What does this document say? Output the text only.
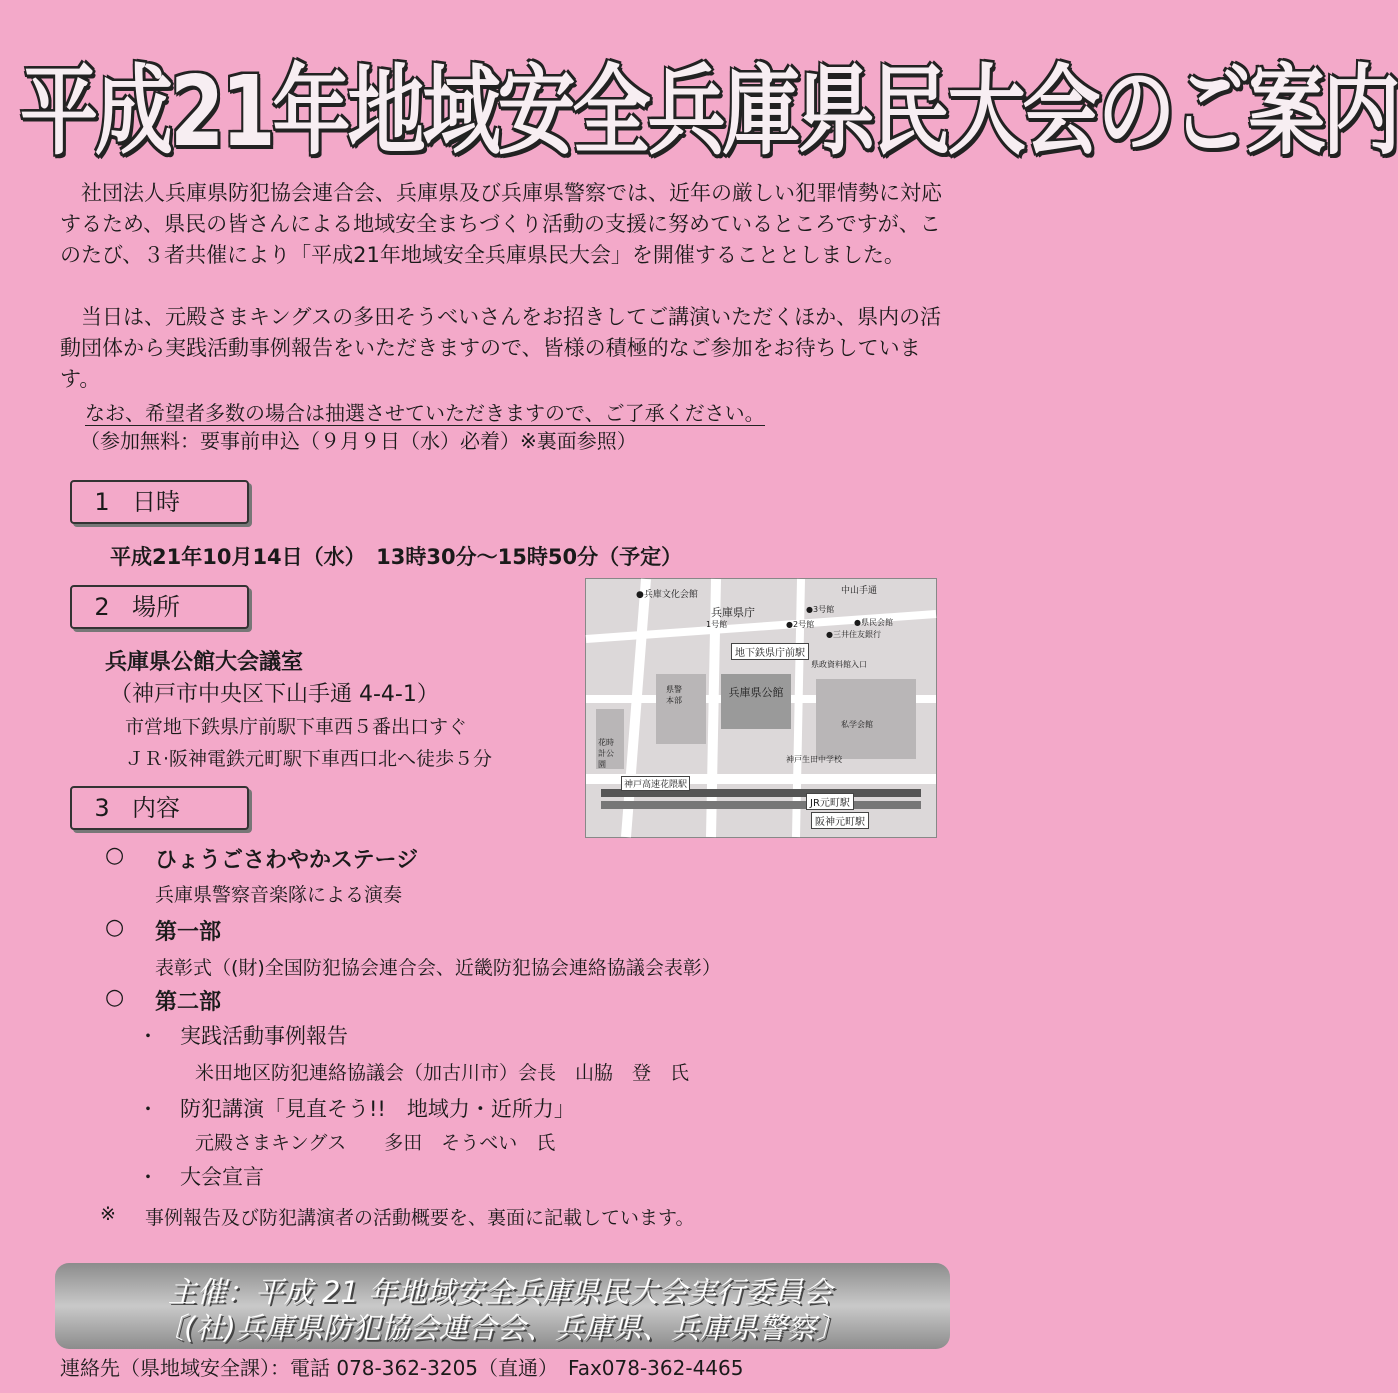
平成21年地域安全兵庫県民大会のご案内
社団法人兵庫県防犯協会連合会、兵庫県及び兵庫県警察では、近年の厳しい犯罪情勢に対応するため、県民の皆さんによる地域安全まちづくり活動の支援に努めているところですが、このたび、３者共催により「平成21年地域安全兵庫県民大会」を開催することとしました。
当日は、元殿さまキングスの多田そうべいさんをお招きしてご講演いただくほか、県内の活動団体から実践活動事例報告をいただきますので、皆様の積極的なご参加をお待ちしています。
なお、希望者多数の場合は抽選させていただきますので、ご了承ください。
（参加無料：要事前申込（９月９日（水）必着）※裏面参照）
1 日時
平成21年10月14日（水）　13時30分～15時50分（予定）
2 場所
兵庫県公館大会議室
（神戸市中央区下山手通 4-4-1）
市営地下鉄県庁前駅下車西５番出口すぐ
ＪＲ·阪神電鉄元町駅下車西口北へ徒歩５分
●兵庫文化会館	中山手通
兵庫県庁
1号館	●2号館
●3号館
●県民会館
●三井住友銀行
地下鉄県庁前駅
県政資料館入口
県警本部
兵庫県公館
私学会館
神戸生田中学校
花時計公園
神戸高速花隈駅
JR元町駅
阪神元町駅
3 内容
○ ひょうごさわやかステージ
兵庫県警察音楽隊による演奏
○ 第一部
表彰式（(財)全国防犯協会連合会、近畿防犯協会連絡協議会表彰）
○ 第二部
・ 実践活動事例報告
米田地区防犯連絡協議会（加古川市）会長　山脇　登　氏
・ 防犯講演「見直そう!!　地域力・近所力」
元殿さまキングス　　多田　そうべい　氏
・ 大会宣言
※ 事例報告及び防犯講演者の活動概要を、裏面に記載しています。
主催：平成 21 年地域安全兵庫県民大会実行委員会
〔(社)兵庫県防犯協会連合会、兵庫県、兵庫県警察〕
連絡先（県地域安全課）：電話 078-362-3205（直通）　Fax078-362-4465
